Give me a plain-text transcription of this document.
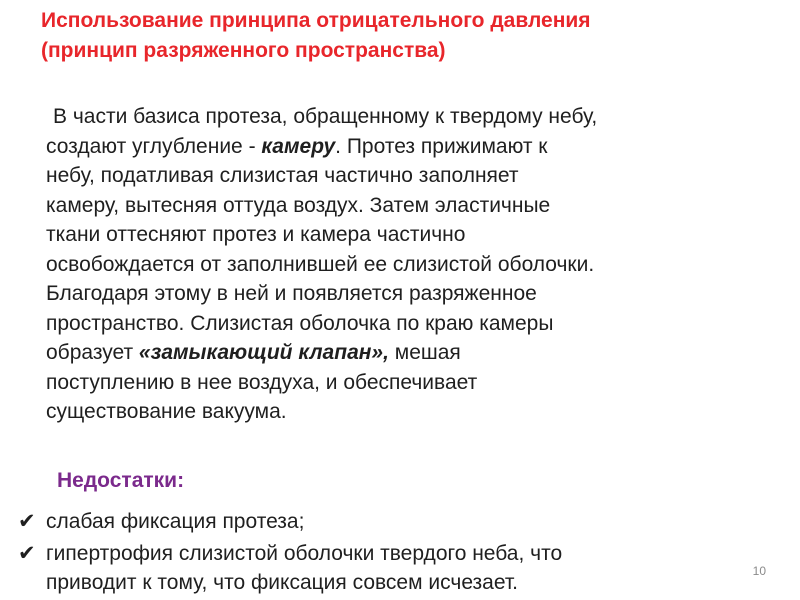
Использование принципа отрицательного давления
(принцип разряженного пространства)
В части базиса протеза, обращенному к твердому небу,
создают углубление - камеру. Протез прижимают к
небу, податливая слизистая частично заполняет
камеру, вытесняя оттуда воздух. Затем эластичные
ткани оттесняют протез и камера частично
освобождается от заполнившей ее слизистой оболочки.
Благодаря этому в ней и появляется разряженное
пространство. Слизистая оболочка по краю камеры
образует «замыкающий клапан», мешая
поступлению в нее воздуха, и обеспечивает
существование вакуума.
Недостатки:
✔ слабая фиксация протеза;
✔ гипертрофия слизистой оболочки твердого неба, что
приводит к тому, что фиксация совсем исчезает.	10
